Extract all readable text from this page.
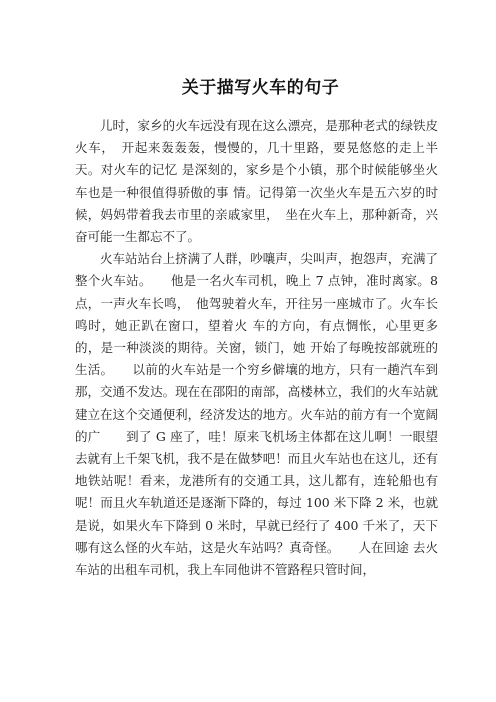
关于描写火车的句子

儿时，家乡的火车远没有现在这么漂亮，是那种老式的绿铁皮火车，　开起来轰轰轰，慢慢的，几十里路，要晃悠悠的走上半天。对火车的记忆 是深刻的，家乡是个小镇，那个时候能够坐火车也是一种很值得骄傲的事 情。记得第一次坐火车是五六岁的时候，妈妈带着我去市里的亲戚家里，　坐在火车上，那种新奇，兴奋可能一生都忘不了。

火车站站台上挤满了人群，吵嚷声，尖叫声，抱怨声，充满了整个火车站。　　他是一名火车司机，晚上 7 点钟，准时离家。8 点，一声火车长鸣，　他驾驶着火车，开往另一座城市了。火车长鸣时，她正趴在窗口，望着火 车的方向，有点惆怅，心里更多的，是一种淡淡的期待。关窗，锁门，她 开始了每晚按部就班的生活。　　以前的火车站是一个穷乡僻壤的地方，只有一趟汽车到那，交通不发达。现在在邵阳的南部，高楼林立，我们的火车站就建立在这个交通便利，经济发达的地方。火车站的前方有一个宽阔的广　　到了 G 座了，哇！原来飞机场主体都在这儿啊！一眼望去就有上千架飞机，我不是在做梦吧！而且火车站也在这儿，还有地铁站呢！看来，龙港所有的交通工具，这儿都有，连轮船也有呢！而且火车轨道还是逐渐下降的，每过 100 米下降 2 米，也就是说，如果火车下降到 0 米时，早就已经行了 400 千米了，天下哪有这么怪的火车站，这是火车站吗？真奇怪。　　人在回途 去火车站的出租车司机，我上车同他讲不管路程只管时间，
